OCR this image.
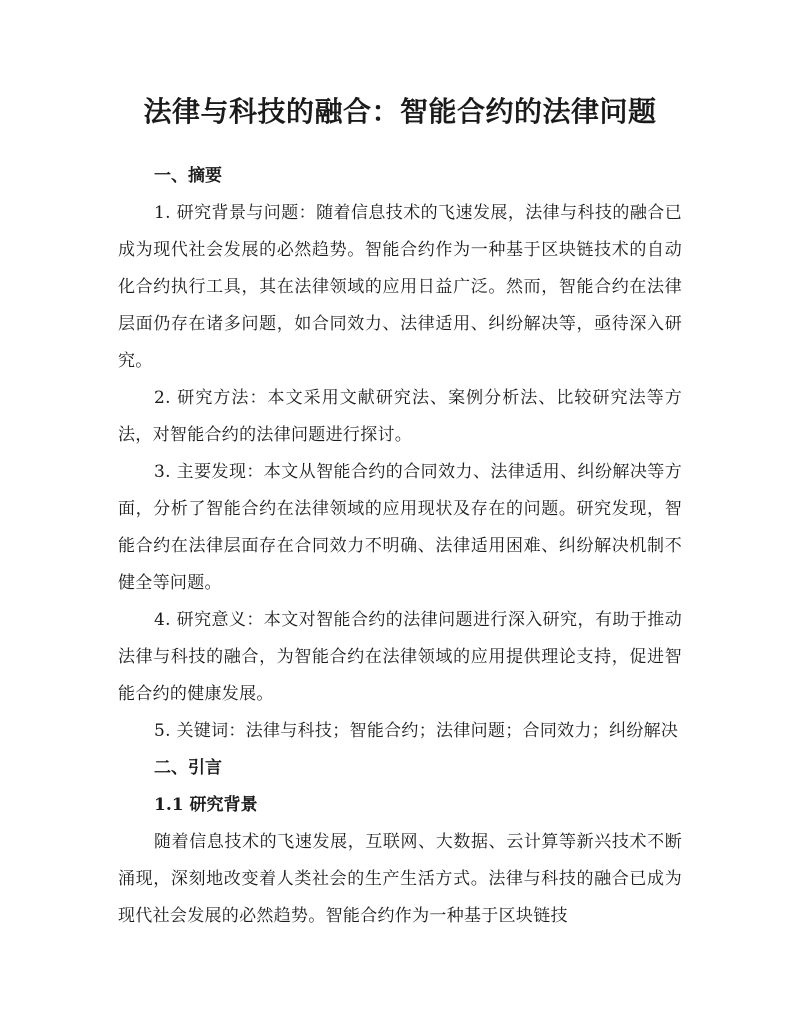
法律与科技的融合：智能合约的法律问题
一、摘要

1. 研究背景与问题：随着信息技术的飞速发展，法律与科技的融合已成为现代社会发展的必然趋势。智能合约作为一种基于区块链技术的自动化合约执行工具，其在法律领域的应用日益广泛。然而，智能合约在法律层面仍存在诸多问题，如合同效力、法律适用、纠纷解决等，亟待深入研究。

2. 研究方法：本文采用文献研究法、案例分析法、比较研究法等方法，对智能合约的法律问题进行探讨。

3. 主要发现：本文从智能合约的合同效力、法律适用、纠纷解决等方面，分析了智能合约在法律领域的应用现状及存在的问题。研究发现，智能合约在法律层面存在合同效力不明确、法律适用困难、纠纷解决机制不健全等问题。

4. 研究意义：本文对智能合约的法律问题进行深入研究，有助于推动法律与科技的融合，为智能合约在法律领域的应用提供理论支持，促进智能合约的健康发展。

5. 关键词：法律与科技；智能合约；法律问题；合同效力；纠纷解决

二、引言
1.1 研究背景

随着信息技术的飞速发展，互联网、大数据、云计算等新兴技术不断涌现，深刻地改变着人类社会的生产生活方式。法律与科技的融合已成为现代社会发展的必然趋势。智能合约作为一种基于区块链技
